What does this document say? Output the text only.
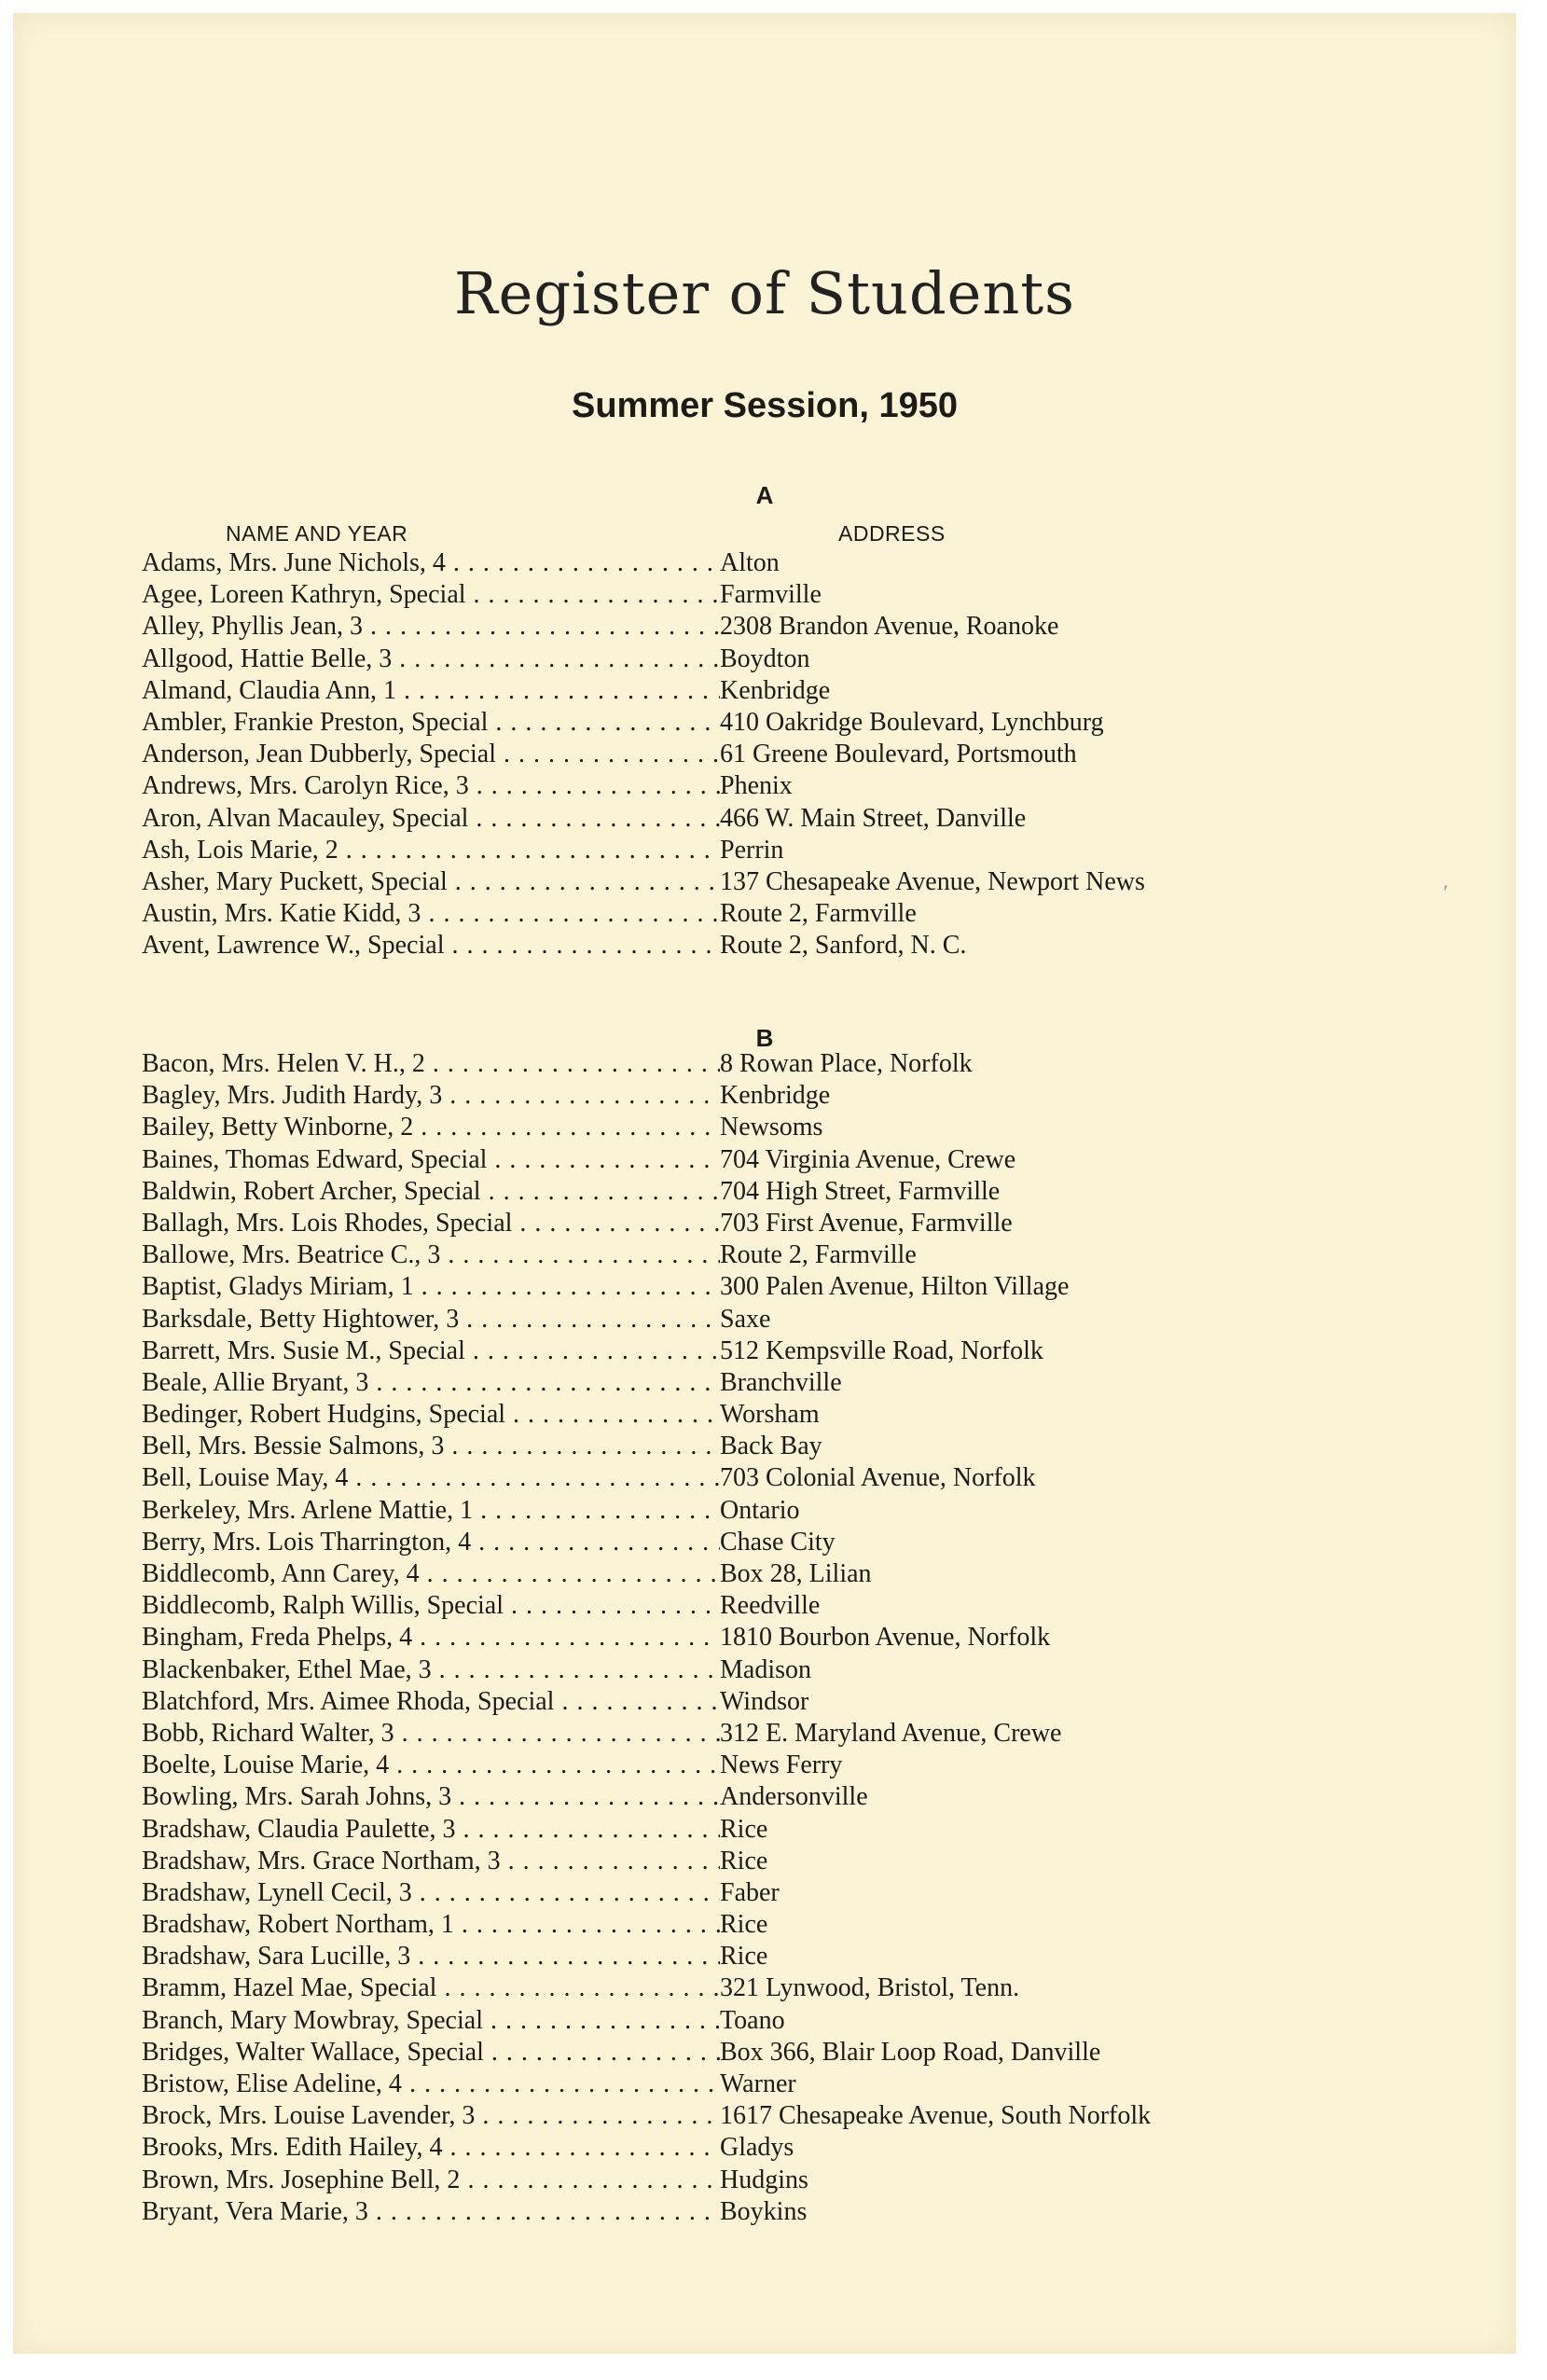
Register of Students
Summer Session, 1950
A
NAME AND YEAR	ADDRESS
Adams, Mrs. June Nichols, 4 . . .	Alton
Agee, Loreen Kathryn, Special . . .	Farmville
Alley, Phyllis Jean, 3 . . .	2308 Brandon Avenue, Roanoke
Allgood, Hattie Belle, 3 . . .	Boydton
Almand, Claudia Ann, 1 . . .	Kenbridge
Ambler, Frankie Preston, Special . . .	410 Oakridge Boulevard, Lynchburg
Anderson, Jean Dubberly, Special . . .	61 Greene Boulevard, Portsmouth
Andrews, Mrs. Carolyn Rice, 3 . . .	Phenix
Aron, Alvan Macauley, Special . . .	466 W. Main Street, Danville
Ash, Lois Marie, 2 . . .	Perrin
Asher, Mary Puckett, Special . . .	137 Chesapeake Avenue, Newport News
Austin, Mrs. Katie Kidd, 3 . . .	Route 2, Farmville
Avent, Lawrence W., Special . . .	Route 2, Sanford, N. C.
B
Bacon, Mrs. Helen V. H., 2 . . .	8 Rowan Place, Norfolk
Bagley, Mrs. Judith Hardy, 3 . . .	Kenbridge
Bailey, Betty Winborne, 2 . . .	Newsoms
Baines, Thomas Edward, Special . . .	704 Virginia Avenue, Crewe
Baldwin, Robert Archer, Special . . .	704 High Street, Farmville
Ballagh, Mrs. Lois Rhodes, Special . . .	703 First Avenue, Farmville
Ballowe, Mrs. Beatrice C., 3 . . .	Route 2, Farmville
Baptist, Gladys Miriam, 1 . . .	300 Palen Avenue, Hilton Village
Barksdale, Betty Hightower, 3 . . .	Saxe
Barrett, Mrs. Susie M., Special . . .	512 Kempsville Road, Norfolk
Beale, Allie Bryant, 3 . . .	Branchville
Bedinger, Robert Hudgins, Special . . .	Worsham
Bell, Mrs. Bessie Salmons, 3 . . .	Back Bay
Bell, Louise May, 4 . . .	703 Colonial Avenue, Norfolk
Berkeley, Mrs. Arlene Mattie, 1 . . .	Ontario
Berry, Mrs. Lois Tharrington, 4 . . .	Chase City
Biddlecomb, Ann Carey, 4 . . .	Box 28, Lilian
Biddlecomb, Ralph Willis, Special . . .	Reedville
Bingham, Freda Phelps, 4 . . .	1810 Bourbon Avenue, Norfolk
Blackenbaker, Ethel Mae, 3 . . .	Madison
Blatchford, Mrs. Aimee Rhoda, Special . . .	Windsor
Bobb, Richard Walter, 3 . . .	312 E. Maryland Avenue, Crewe
Boelte, Louise Marie, 4 . . .	News Ferry
Bowling, Mrs. Sarah Johns, 3 . . .	Andersonville
Bradshaw, Claudia Paulette, 3 . . .	Rice
Bradshaw, Mrs. Grace Northam, 3 . . .	Rice
Bradshaw, Lynell Cecil, 3 . . .	Faber
Bradshaw, Robert Northam, 1 . . .	Rice
Bradshaw, Sara Lucille, 3 . . .	Rice
Bramm, Hazel Mae, Special . . .	321 Lynwood, Bristol, Tenn.
Branch, Mary Mowbray, Special . . .	Toano
Bridges, Walter Wallace, Special . . .	Box 366, Blair Loop Road, Danville
Bristow, Elise Adeline, 4 . . .	Warner
Brock, Mrs. Louise Lavender, 3 . . .	1617 Chesapeake Avenue, South Norfolk
Brooks, Mrs. Edith Hailey, 4 . . .	Gladys
Brown, Mrs. Josephine Bell, 2 . . .	Hudgins
Bryant, Vera Marie, 3 . . .	Boykins
′
